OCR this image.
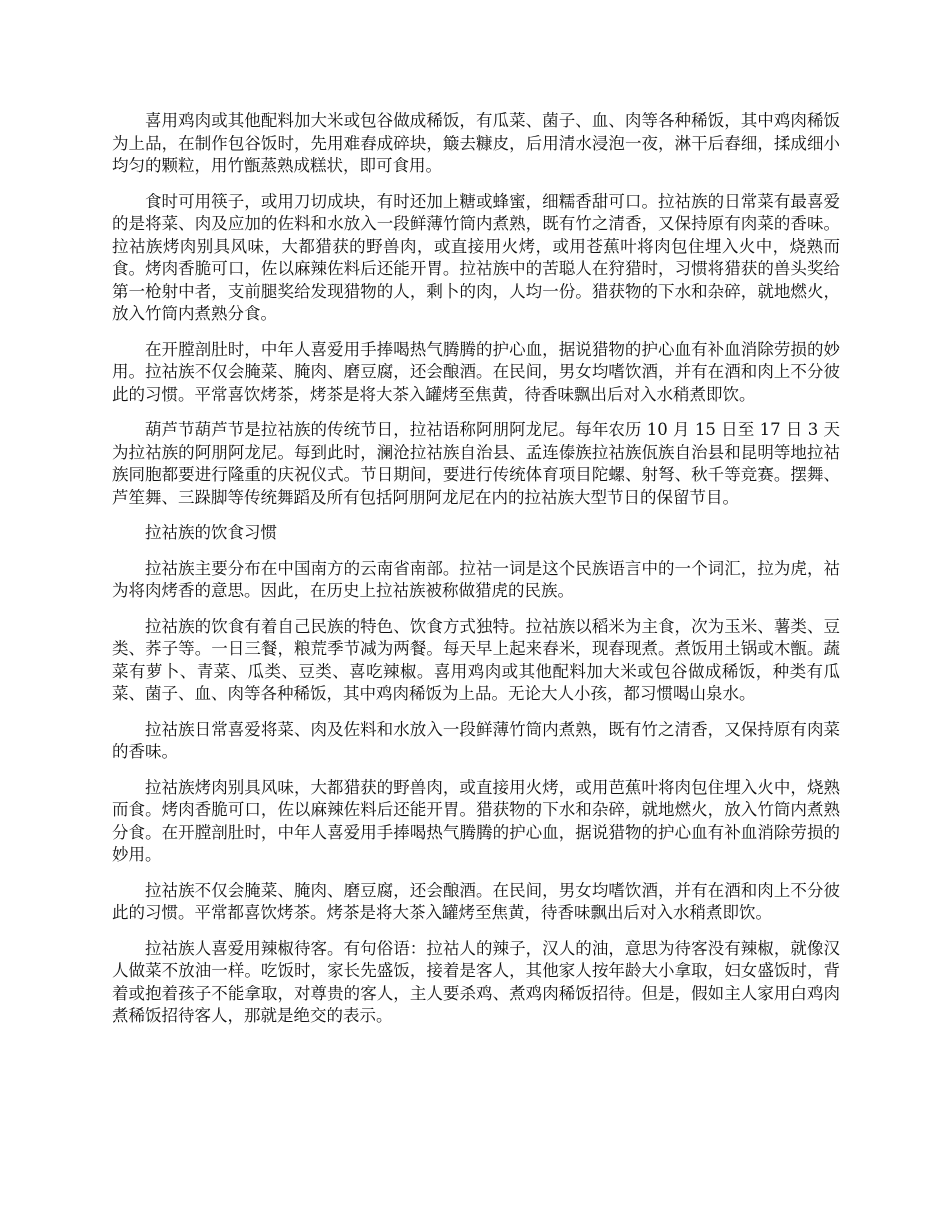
喜用鸡肉或其他配料加大米或包谷做成稀饭，有瓜菜、菌子、血、肉等各种稀饭，其中鸡肉稀饭为上品，在制作包谷饭时，先用难舂成碎块，簸去糠皮，后用清水浸泡一夜，淋干后舂细，揉成细小均匀的颗粒，用竹甑蒸熟成糕状，即可食用。

食时可用筷子，或用刀切成块，有时还加上糖或蜂蜜，细糯香甜可口。拉祜族的日常菜有最喜爱的是将菜、肉及应加的佐料和水放入一段鲜薄竹筒内煮熟，既有竹之清香，又保持原有肉菜的香味。拉祜族烤肉别具风味，大都猎获的野兽肉，或直接用火烤，或用苍蕉叶将肉包住埋入火中，烧熟而食。烤肉香脆可口，佐以麻辣佐料后还能开胃。拉祜族中的苦聪人在狩猎时，习惯将猎获的兽头奖给第一枪射中者，支前腿奖给发现猎物的人，剩卜的肉，人均一份。猎获物的下水和杂碎，就地燃火，放入竹筒内煮熟分食。

在开膛剖肚时，中年人喜爱用手捧喝热气腾腾的护心血，据说猎物的护心血有补血消除劳损的妙用。拉祜族不仅会腌菜、腌肉、磨豆腐，还会酿酒。在民间，男女均嗜饮酒，并有在酒和肉上不分彼此的习惯。平常喜饮烤茶，烤茶是将大茶入罐烤至焦黄，待香味飘出后对入水稍煮即饮。

葫芦节葫芦节是拉祜族的传统节日，拉祜语称阿朋阿龙尼。每年农历 10 月 15 日至 17 日 3 天为拉祜族的阿朋阿龙尼。每到此时，澜沧拉祜族自治县、孟连傣族拉祜族佤族自治县和昆明等地拉祜族同胞都要进行隆重的庆祝仪式。节日期间，要进行传统体育项目陀螺、射弩、秋千等竞赛。摆舞、芦笙舞、三跺脚等传统舞蹈及所有包括阿朋阿龙尼在内的拉祜族大型节日的保留节目。

拉祜族的饮食习惯

拉祜族主要分布在中国南方的云南省南部。拉祜一词是这个民族语言中的一个词汇，拉为虎，祜为将肉烤香的意思。因此，在历史上拉祜族被称做猎虎的民族。

拉祜族的饮食有着自己民族的特色、饮食方式独特。拉祜族以稻米为主食，次为玉米、薯类、豆类、荞子等。一日三餐，粮荒季节减为两餐。每天早上起来舂米，现舂现煮。煮饭用土锅或木甑。蔬菜有萝卜、青菜、瓜类、豆类、喜吃辣椒。喜用鸡肉或其他配料加大米或包谷做成稀饭，种类有瓜菜、菌子、血、肉等各种稀饭，其中鸡肉稀饭为上品。无论大人小孩，都习惯喝山泉水。

拉祜族日常喜爱将菜、肉及佐料和水放入一段鲜薄竹筒内煮熟，既有竹之清香，又保持原有肉菜的香味。

拉祜族烤肉别具风味，大都猎获的野兽肉，或直接用火烤，或用芭蕉叶将肉包住埋入火中，烧熟而食。烤肉香脆可口，佐以麻辣佐料后还能开胃。猎获物的下水和杂碎，就地燃火，放入竹筒内煮熟分食。在开膛剖肚时，中年人喜爱用手捧喝热气腾腾的护心血，据说猎物的护心血有补血消除劳损的妙用。

拉祜族不仅会腌菜、腌肉、磨豆腐，还会酿酒。在民间，男女均嗜饮酒，并有在酒和肉上不分彼此的习惯。平常都喜饮烤茶。烤茶是将大茶入罐烤至焦黄，待香味飘出后对入水稍煮即饮。

拉祜族人喜爱用辣椒待客。有句俗语：拉祜人的辣子，汉人的油，意思为待客没有辣椒，就像汉人做菜不放油一样。吃饭时，家长先盛饭，接着是客人，其他家人按年龄大小拿取，妇女盛饭时，背着或抱着孩子不能拿取，对尊贵的客人，主人要杀鸡、煮鸡肉稀饭招待。但是，假如主人家用白鸡肉煮稀饭招待客人，那就是绝交的表示。
